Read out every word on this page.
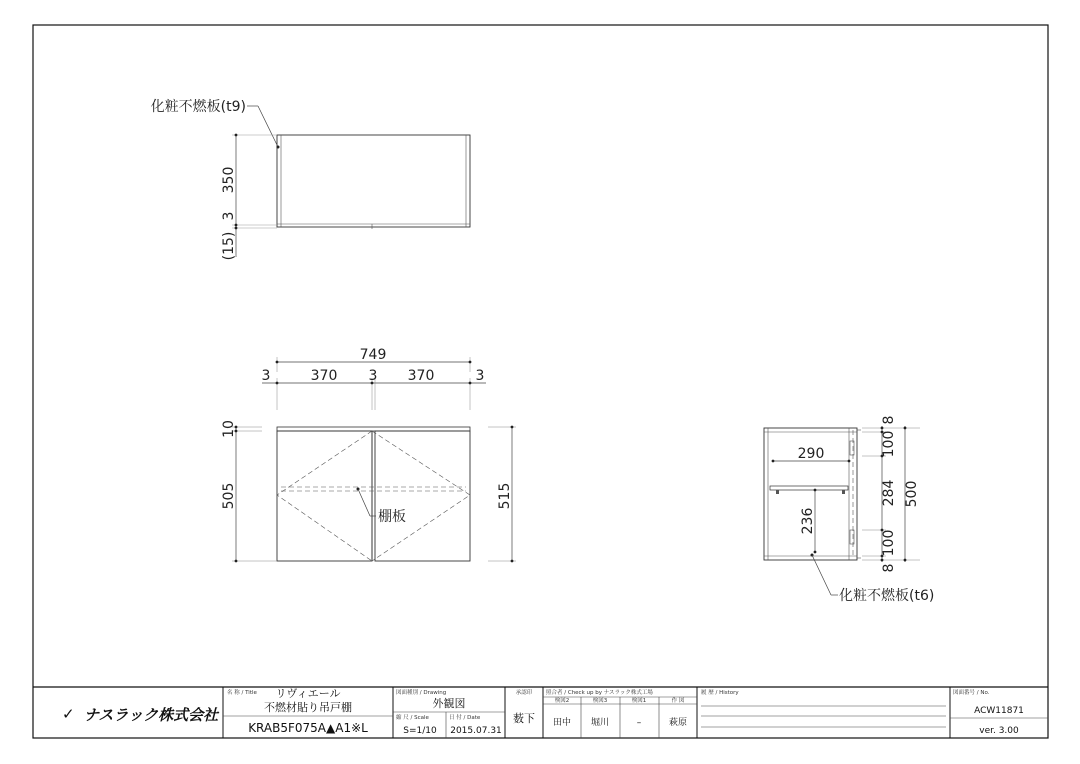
化粧不燃板(t9)
350
3
(15)
749
3	370 3 370	3
棚板
10
505	515
290
236
8
100
284
100
8
500
化粧不燃板(t6)
✓ ナスラック株式会社
名 称 / Title リヴィエール
不燃材貼り吊戸棚
KRAB5F075A▲A1※L
図面種別 / Drawing
外観図
縮 尺 / Scale
S=1/10
日 付 / Date
2015.07.31
承認印
薮下
照合者 / Check up by ナスラック株式工場
検図2	検図3	検図1	作 図
田中 堀川	–	萩原
履 歴 / History	図面番号 / No.
ACW11871
ver. 3.00
